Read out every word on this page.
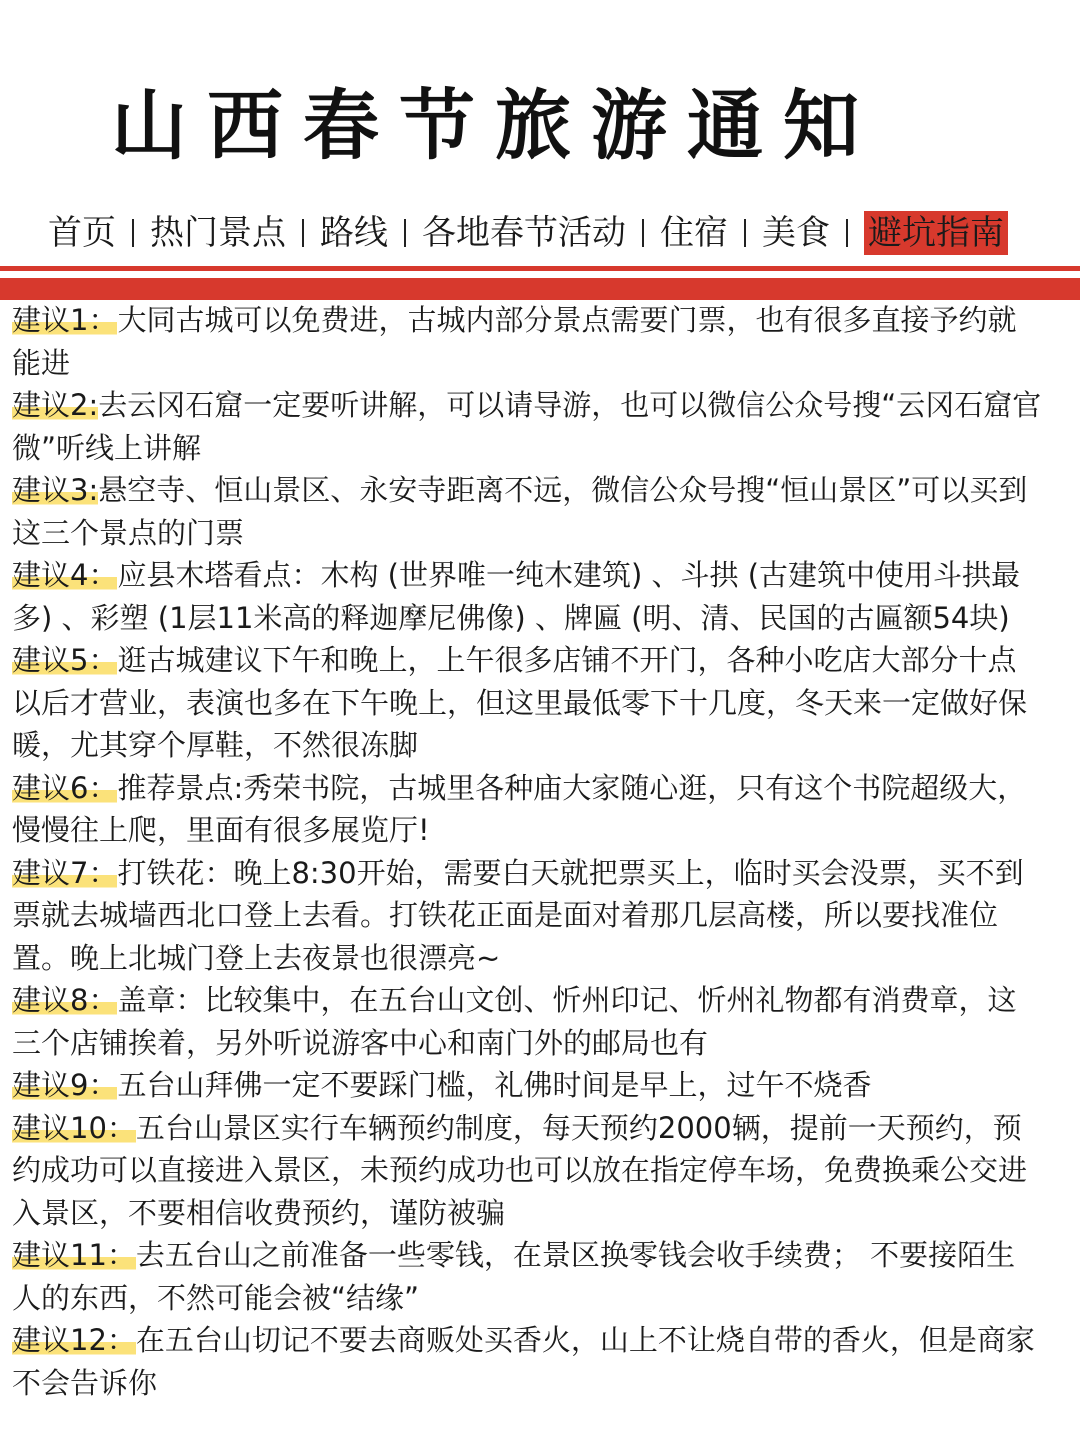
山西春节旅游通知
首页 热门景点 路线 各地春节活动 住宿 美食 避坑指南

建议1：大同古城可以免费进，古城内部分景点需要门票，也有很多直接予约就能进

建议2:去云冈石窟一定要听讲解，可以请导游，也可以微信公众号搜“云冈石窟官微”听线上讲解

建议3:悬空寺、恒山景区、永安寺距离不远，微信公众号搜“恒山景区”可以买到这三个景点的门票

建议4：应县木塔看点：木构 (世界唯一纯木建筑) 、斗拱 (古建筑中使用斗拱最多) 、彩塑 (1层11米高的释迦摩尼佛像) 、牌匾 (明、清、民国的古匾额54块)

建议5：逛古城建议下午和晚上，上午很多店铺不开门，各种小吃店大部分十点以后才营业，表演也多在下午晚上，但这里最低零下十几度，冬天来一定做好保暖，尤其穿个厚鞋，不然很冻脚

建议6：推荐景点:秀荣书院，古城里各种庙大家随心逛，只有这个书院超级大，慢慢往上爬，里面有很多展览厅!

建议7：打铁花：晚上8:30开始，需要白天就把票买上，临时买会没票，买不到票就去城墙西北口登上去看。打铁花正面是面对着那几层高楼，所以要找准位置。晚上北城门登上去夜景也很漂亮~

建议8：盖章：比较集中，在五台山文创、忻州印记、忻州礼物都有消费章，这三个店铺挨着，另外听说游客中心和南门外的邮局也有

建议9：五台山拜佛一定不要踩门槛，礼佛时间是早上，过午不烧香

建议10：五台山景区实行车辆预约制度，每天预约2000辆，提前一天预约，预约成功可以直接进入景区，未预约成功也可以放在指定停车场，免费换乘公交进入景区，不要相信收费预约，谨防被骗

建议11：去五台山之前准备一些零钱，在景区换零钱会收手续费； 不要接陌生人的东西，不然可能会被“结缘”

建议12：在五台山切记不要去商贩处买香火，山上不让烧自带的香火，但是商家不会告诉你
